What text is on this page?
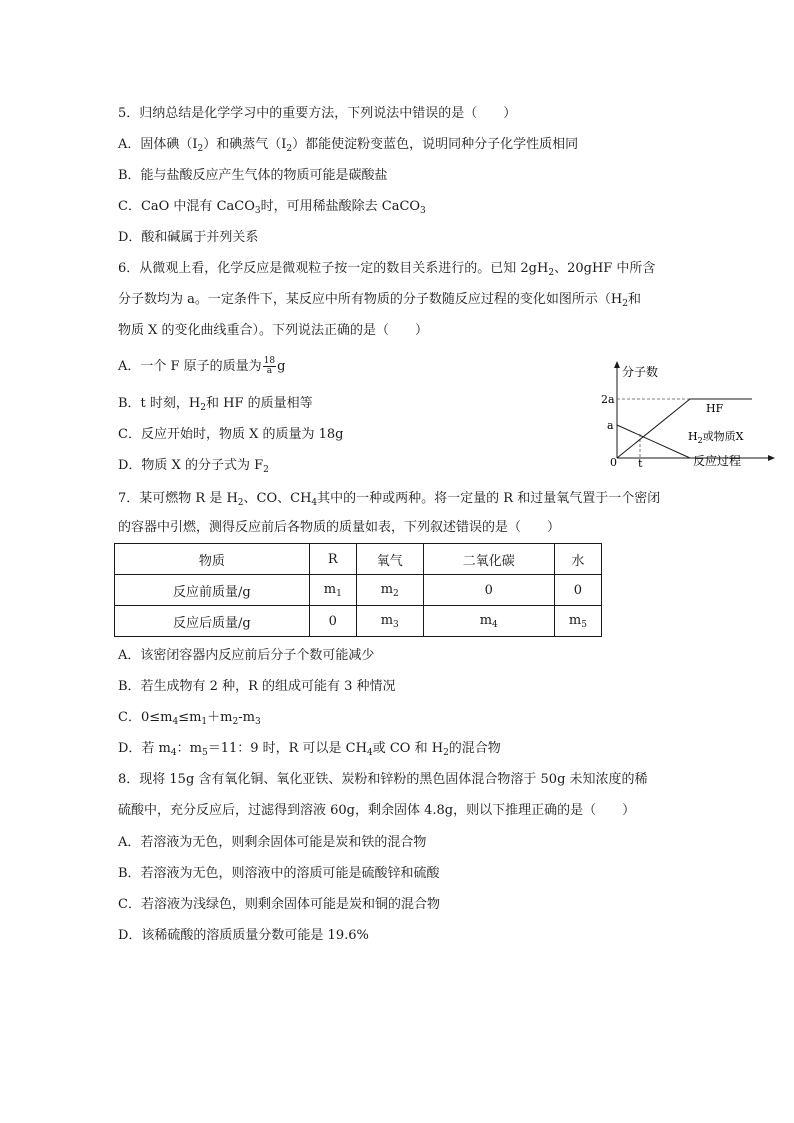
5．归纳总结是化学学习中的重要方法，下列说法中错误的是（　　）
A．固体碘$(I_2)$和碘蒸气$(I_2)$都能使淀粉变蓝色，说明同种分子化学性质相同
B．能与盐酸反应产生气体的物质可能是碳酸盐
C．CaO 中混有 CaCO$_3$时，可用稀盐酸除去 CaCO$_3$
D．酸和碱属于并列关系
6．从微观上看，化学反应是微观粒子按一定的数目关系进行的。已知 $2gH_2$、20gHF 中所含
分子数均为 a。一定条件下，某反应中所有物质的分子数随反应过程的变化如图所示（$H_2$和
物质 X 的变化曲线重合）。下列说法正确的是（　　）
A．一个 F 原子的质量为 $\frac{18}{a}$ g
B．t 时刻，$H_2$和 HF 的质量相等
C．反应开始时，物质 X 的质量为 18g
D．物质 X 的分子式为 $F_2$
分子数
2a
a
0 t	反应过程
HF
$H_2$或物质X
7．某可燃物 R 是 $H_2$、CO、$CH_4$其中的一种或两种。将一定量的 R 和过量氧气置于一个密闭
的容器中引燃，测得反应前后各物质的质量如表，下列叙述错误的是（　　）
物质	R	氧气	二氧化碳	水
反应前质量/g	$m_1$	$m_2$	0	0
反应后质量/g	0	$m_3$	$m_4$	$m_5$
A．该密闭容器内反应前后分子个数可能减少
B．若生成物有 2 种，R 的组成可能有 3 种情况
C．$0\le m_4\le m_1+m_2-m_3$
D．若 $m_4$：$m_5=11$：9 时，R 可以是 $CH_4$或 CO 和 $H_2$的混合物
8．现将 15g 含有氧化铜、氧化亚铁、炭粉和锌粉的黑色固体混合物溶于 50g 未知浓度的稀
硫酸中，充分反应后，过滤得到溶液 60g，剩余固体 4.8g，则以下推理正确的是（　　）
A．若溶液为无色，则剩余固体可能是炭和铁的混合物
B．若溶液为无色，则溶液中的溶质可能是硫酸锌和硫酸
C．若溶液为浅绿色，则剩余固体可能是炭和铜的混合物
D．该稀硫酸的溶质质量分数可能是 19.6%
